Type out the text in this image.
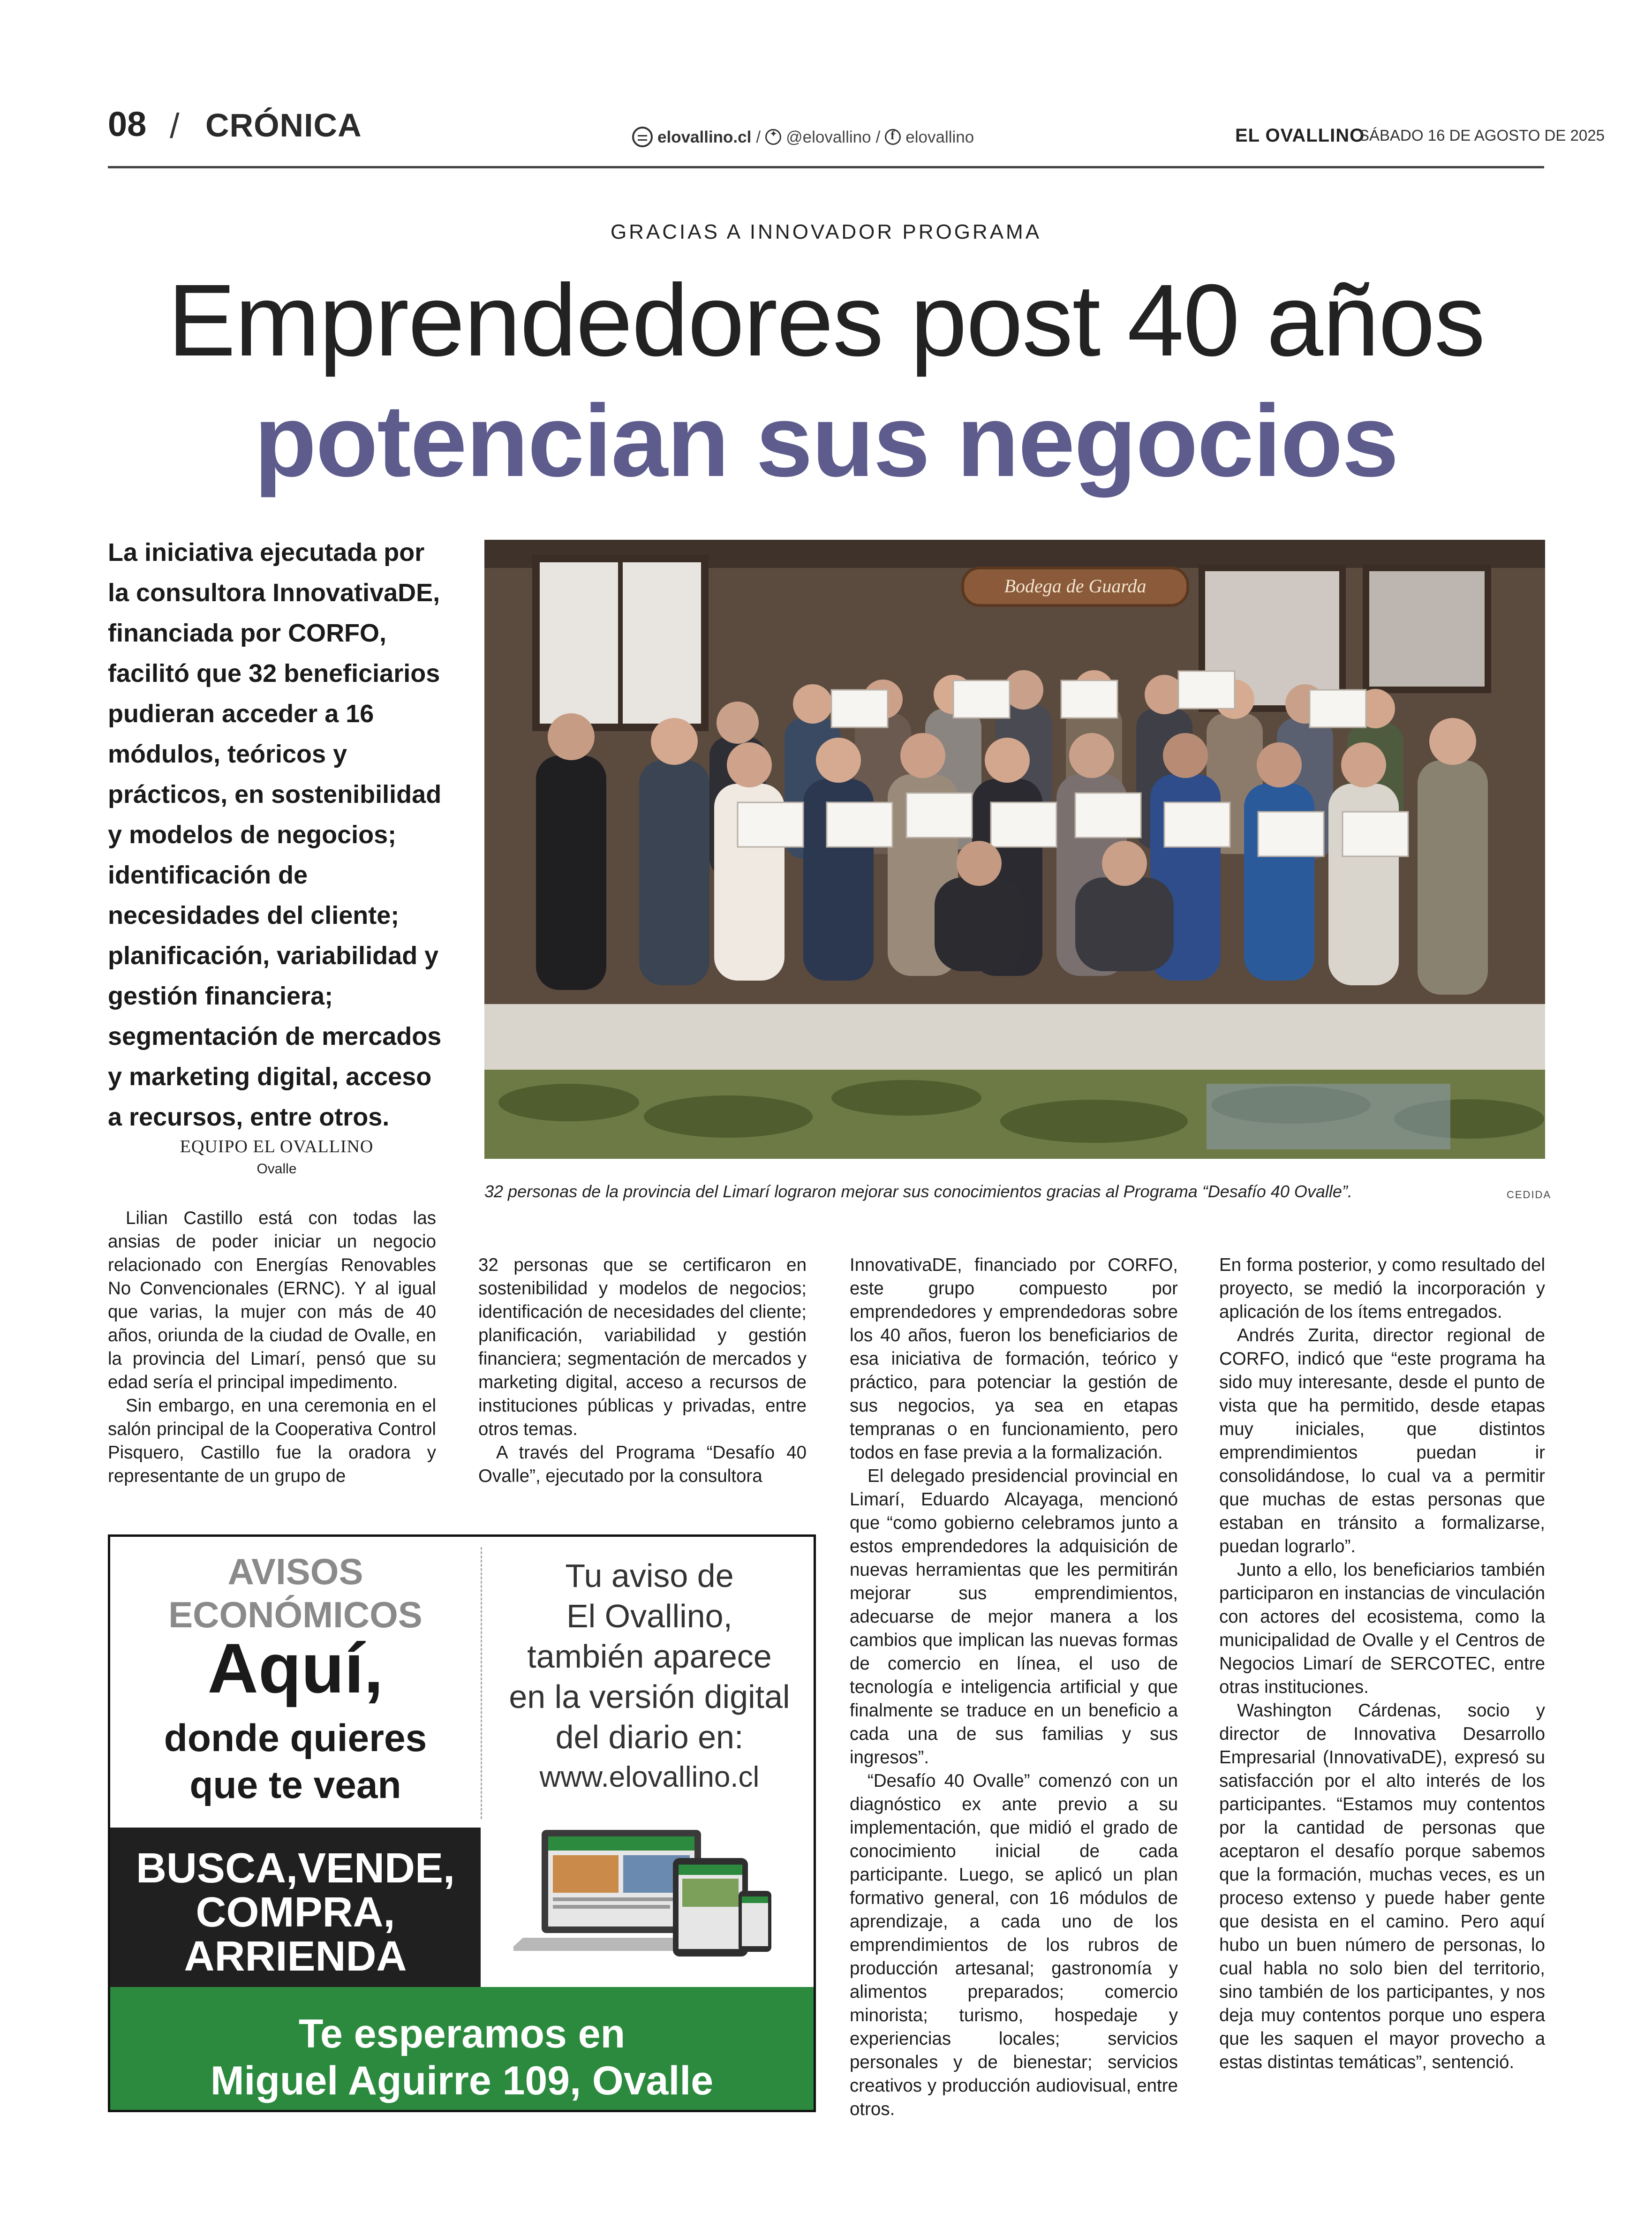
08 / CRÓNICA	elovallino.cl / ✦ @elovallino / f elovallino	EL OVALLINO
SÁBADO 16 DE AGOSTO DE 2025
GRACIAS A INNOVADOR PROGRAMA
Emprendedores post 40 años
potencian sus negocios

La iniciativa ejecutada por la consultora InnovativaDE, financiada por CORFO, facilitó que 32 beneficiarios pudieran acceder a 16 módulos, teóricos y prácticos, en sostenibilidad y modelos de negocios; identificación de necesidades del cliente; planificación, variabilidad y gestión financiera; segmentación de mercados y marketing digital, acceso a recursos, entre otros.

Bodega de Guarda
32 personas de la provincia del Limarí lograron mejorar sus conocimientos gracias al Programa “Desafío 40 Ovalle”.	CEDIDA
EQUIPO EL OVALLINO
Ovalle

Lilian Castillo está con todas las ansias de poder iniciar un negocio relacionado con Energías Renovables No Convencionales (ERNC). Y al igual que varias, la mujer con más de 40 años, oriunda de la ciudad de Ovalle, en la provincia del Limarí, pensó que su edad sería el principal impedimento.

Sin embargo, en una ceremonia en el salón principal de la Cooperativa Control Pisquero, Castillo fue la oradora y representante de un grupo de

32 personas que se certificaron en sostenibilidad y modelos de negocios; identificación de necesidades del cliente; planificación, variabilidad y gestión financiera; segmentación de mercados y marketing digital, acceso a recursos de instituciones públicas y privadas, entre otros temas.

A través del Programa “Desafío 40 Ovalle”, ejecutado por la consultora

InnovativaDE, financiado por CORFO, este grupo compuesto por emprendedores y emprendedoras sobre los 40 años, fueron los beneficiarios de esa iniciativa de formación, teórico y práctico, para potenciar la gestión de sus negocios, ya sea en etapas tempranas o en funcionamiento, pero todos en fase previa a la formalización.

El delegado presidencial provincial en Limarí, Eduardo Alcayaga, mencionó que “como gobierno celebramos junto a estos emprendedores la adquisición de nuevas herramientas que les permitirán mejorar sus emprendimientos, adecuarse de mejor manera a los cambios que implican las nuevas formas de comercio en línea, el uso de tecnología e inteligencia artificial y que finalmente se traduce en un beneficio a cada una de sus familias y sus ingresos”.

“Desafío 40 Ovalle” comenzó con un diagnóstico ex ante previo a su implementación, que midió el grado de conocimiento inicial de cada participante. Luego, se aplicó un plan formativo general, con 16 módulos de aprendizaje, a cada uno de los emprendimientos de los rubros de producción artesanal; gastronomía y alimentos preparados; comercio minorista; turismo, hospedaje y experiencias locales; servicios personales y de bienestar; servicios creativos y producción audiovisual, entre otros.

En forma posterior, y como resultado del proyecto, se medió la incorporación y aplicación de los ítems entregados.

Andrés Zurita, director regional de CORFO, indicó que “este programa ha sido muy interesante, desde el punto de vista que ha permitido, desde etapas muy iniciales, que distintos emprendimientos puedan ir consolidándose, lo cual va a permitir que muchas de estas personas que estaban en tránsito a formalizarse, puedan lograrlo”.

Junto a ello, los beneficiarios también participaron en instancias de vinculación con actores del ecosistema, como la municipalidad de Ovalle y el Centros de Negocios Limarí de SERCOTEC, entre otras instituciones.

Washington Cárdenas, socio y director de Innovativa Desarrollo Empresarial (InnovativaDE), expresó su satisfacción por el alto interés de los participantes. “Estamos muy contentos por la cantidad de personas que aceptaron el desafío porque sabemos que la formación, muchas veces, es un proceso extenso y puede haber gente que desista en el camino. Pero aquí hubo un buen número de personas, lo cual habla no solo bien del territorio, sino también de los participantes, y nos deja muy contentos porque uno espera que les saquen el mayor provecho a estas distintas temáticas”, sentenció.

AVISOS
ECONÓMICOS
Aquí,
donde quieres
que te vean
BUSCA,VENDE,
COMPRA,
ARRIENDA
Tu aviso de
El Ovallino,
también aparece
en la versión digital
del diario en:
www.elovallino.cl
Te esperamos en
Miguel Aguirre 109, Ovalle
